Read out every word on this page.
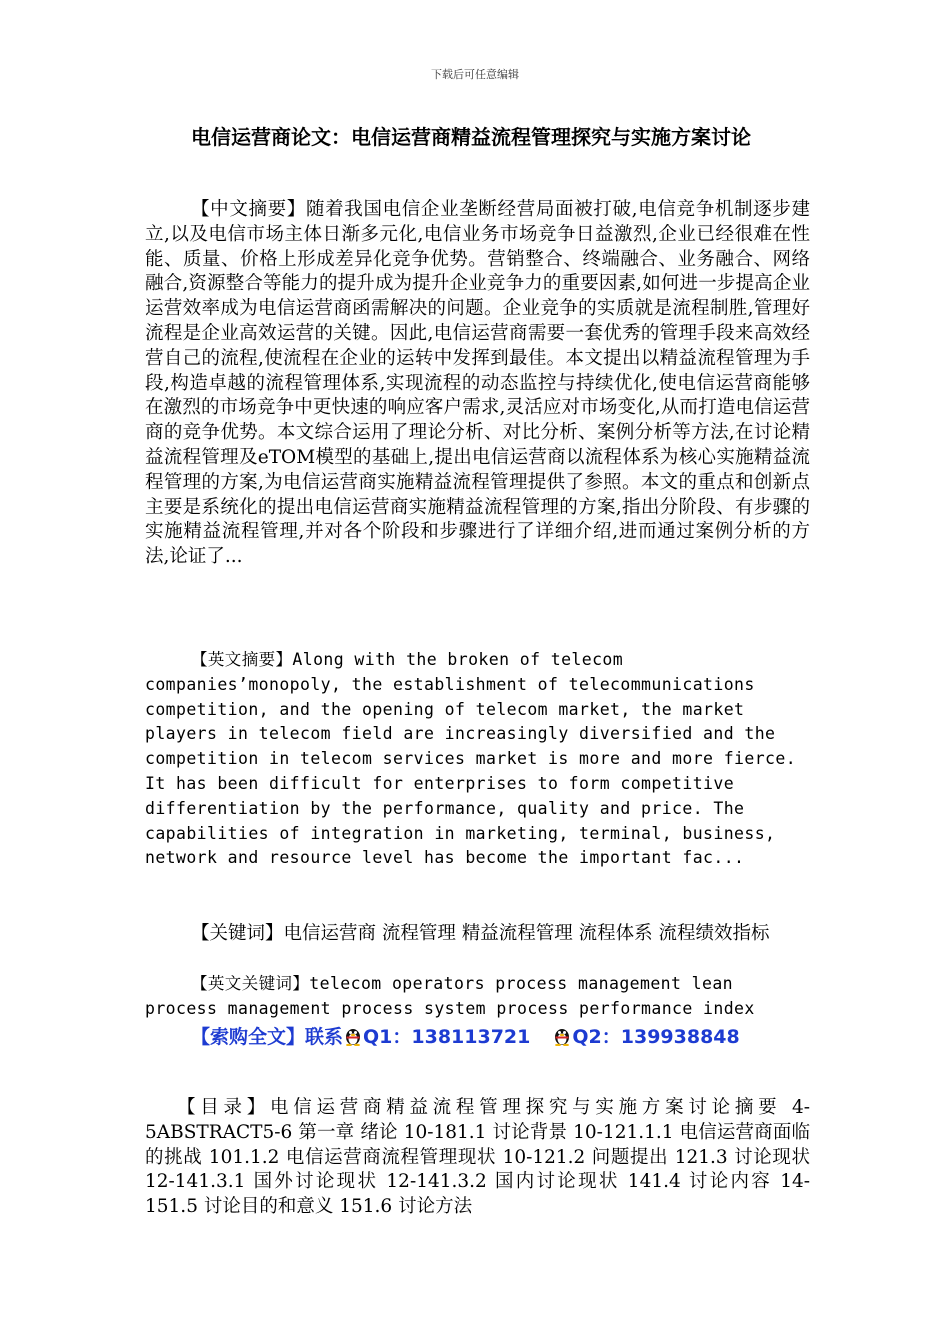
下载后可任意编辑
电信运营商论文：电信运营商精益流程管理探究与实施方案讨论
【中文摘要】随着我国电信企业垄断经营局面被打破,电信竞争机制逐步建立,以及电信市场主体日渐多元化,电信业务市场竞争日益激烈,企业已经很难在性能、质量、价格上形成差异化竞争优势。营销整合、终端融合、业务融合、网络融合,资源整合等能力的提升成为提升企业竞争力的重要因素,如何进一步提高企业运营效率成为电信运营商函需解决的问题。企业竞争的实质就是流程制胜,管理好流程是企业高效运营的关键。因此,电信运营商需要一套优秀的管理手段来高效经营自己的流程,使流程在企业的运转中发挥到最佳。本文提出以精益流程管理为手段,构造卓越的流程管理体系,实现流程的动态监控与持续优化,使电信运营商能够在激烈的市场竞争中更快速的响应客户需求,灵活应对市场变化,从而打造电信运营商的竞争优势。本文综合运用了理论分析、对比分析、案例分析等方法,在讨论精益流程管理及eTOM模型的基础上,提出电信运营商以流程体系为核心实施精益流程管理的方案,为电信运营商实施精益流程管理提供了参照。本文的重点和创新点主要是系统化的提出电信运营商实施精益流程管理的方案,指出分阶段、有步骤的实施精益流程管理,并对各个阶段和步骤进行了详细介绍,进而通过案例分析的方法,论证了...
【英文摘要】Along with the broken of telecom companies’monopoly, the establishment of telecommunications competition, and the opening of telecom market, the market players in telecom field are increasingly diversified and the competition in telecom services market is more and more fierce. It has been difficult for enterprises to form competitive differentiation by the performance, quality and price. The capabilities of integration in marketing, terminal, business, network and resource level has become the important fac...
【关键词】电信运营商 流程管理 精益流程管理 流程体系 流程绩效指标
【英文关键词】telecom operators process management lean process management process system process performance index
【索购全文】联系 Q1：138113721 Q2：139938848
【目录】电信运营商精益流程管理探究与实施方案讨论摘要 4-5ABSTRACT5-6 第一章 绪论 10-181.1 讨论背景 10-121.1.1 电信运营商面临的挑战 101.1.2 电信运营商流程管理现状 10-121.2 问题提出 121.3 讨论现状 12-141.3.1 国外讨论现状 12-141.3.2 国内讨论现状 141.4 讨论内容 14-151.5 讨论目的和意义 151.6 讨论方法
